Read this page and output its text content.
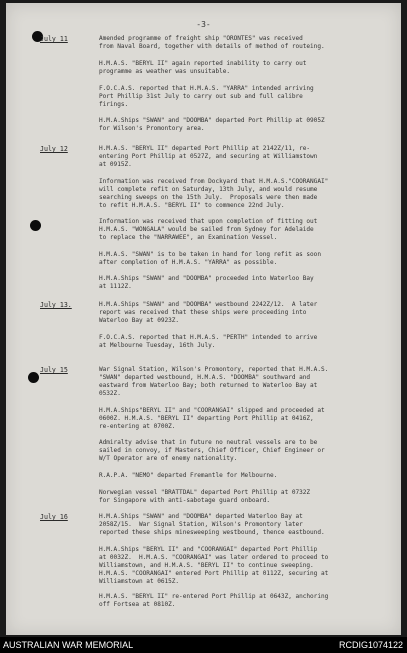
-3-
July 11	Amended programme of freight ship "ORONTES" was received
from Naval Board, together with details of method of routeing.

H.M.A.S. "BERYL II" again reported inability to carry out
programme as weather was unsuitable.

F.O.C.A.S. reported that H.M.A.S. "YARRA" intended arriving
Port Phillip 31st July to carry out sub and full calibre
firings.

H.M.A.Ships "SWAN" and "DOOMBA" departed Port Phillip at 0905Z
for Wilson's Promontory area.

July 12	H.M.A.S. "BERYL II" departed Port Phillip at 2142Z/11, re-
entering Port Phillip at 0527Z, and securing at Williamstown
at 0915Z.

Information was received from Dockyard that H.M.A.S."COORANGAI"
will complete refit on Saturday, 13th July, and would resume
searching sweeps on the 15th July.  Proposals were then made
to refit H.M.A.S. "BERYL II" to commence 22nd July.

Information was received that upon completion of fitting out
H.M.A.S. "WONGALA" would be sailed from Sydney for Adelaide
to replace the "NARRAWEE", an Examination Vessel.

H.M.A.S. "SWAN" is to be taken in hand for long refit as soon
after completion of H.M.A.S. "YARRA" as possible.

H.M.A.Ships "SWAN" and "DOOMBA" proceeded into Waterloo Bay
at 1112Z.

July 13.	H.M.A.Ships "SWAN" and "DOOMBA" westbound 2242Z/12.  A later
report was received that these ships were proceeding into
Waterloo Bay at 0923Z.

F.O.C.A.S. reported that H.M.A.S. "PERTH" intended to arrive
at Melbourne Tuesday, 16th July.

July 15	War Signal Station, Wilson's Promontory, reported that H.M.A.S.
"SWAN" departed westbound, H.M.A.S. "DOOMBA" southward and
eastward from Waterloo Bay; both returned to Waterloo Bay at
0532Z.

H.M.A.Ships"BERYL II" and "COORANGAI" slipped and proceeded at
0600Z. H.M.A.S. "BERYL II" departing Port Phillip at 0416Z,
re-entering at 0700Z.

Admiralty advise that in future no neutral vessels are to be
sailed in convoy, if Masters, Chief Officer, Chief Engineer or
W/T Operator are of enemy nationality.

R.A.P.A. "NEMO" departed Fremantle for Melbourne.

Norwegian vessel "BRATTDAL" departed Port Phillip at 0732Z
for Singapore with anti-sabotage guard onboard.

July 16	H.M.A.Ships "SWAN" and "DOOMBA" departed Waterloo Bay at
2058Z/15.  War Signal Station, Wilson's Promontory later
reported these ships minesweeping westbound, thence eastbound.

H.M.A.Ships "BERYL II" and "COORANGAI" departed Port Phillip
at 0032Z.  H.M.A.S. "COORANGAI" was later ordered to proceed to
Williamstown, and H.M.A.S. "BERYL II" to continue sweeping.
H.M.A.S. "COORANGAI" entered Port Phillip at 0112Z, securing at
Williamstown at 0615Z.

H.M.A.S. "BERYL II" re-entered Port Phillip at 0643Z, anchoring
off Fortsea at 0810Z.

AUSTRALIAN WAR MEMORIAL	RCDIG1074122
